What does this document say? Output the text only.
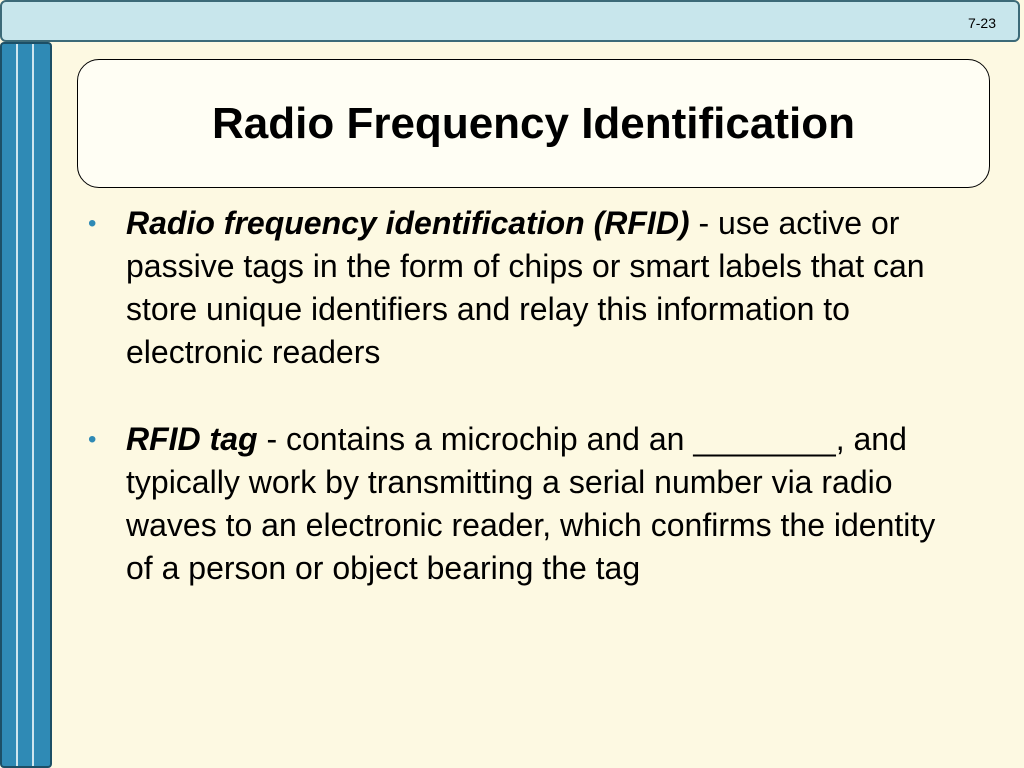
7-23
Radio Frequency Identification
• Radio frequency identification (RFID) - use active or passive tags in the form of chips or smart labels that can store unique identifiers and relay this information to electronic readers
• RFID tag - contains a microchip and an ________, and typically work by transmitting a serial number via radio waves to an electronic reader, which confirms the identity of a person or object bearing the tag
